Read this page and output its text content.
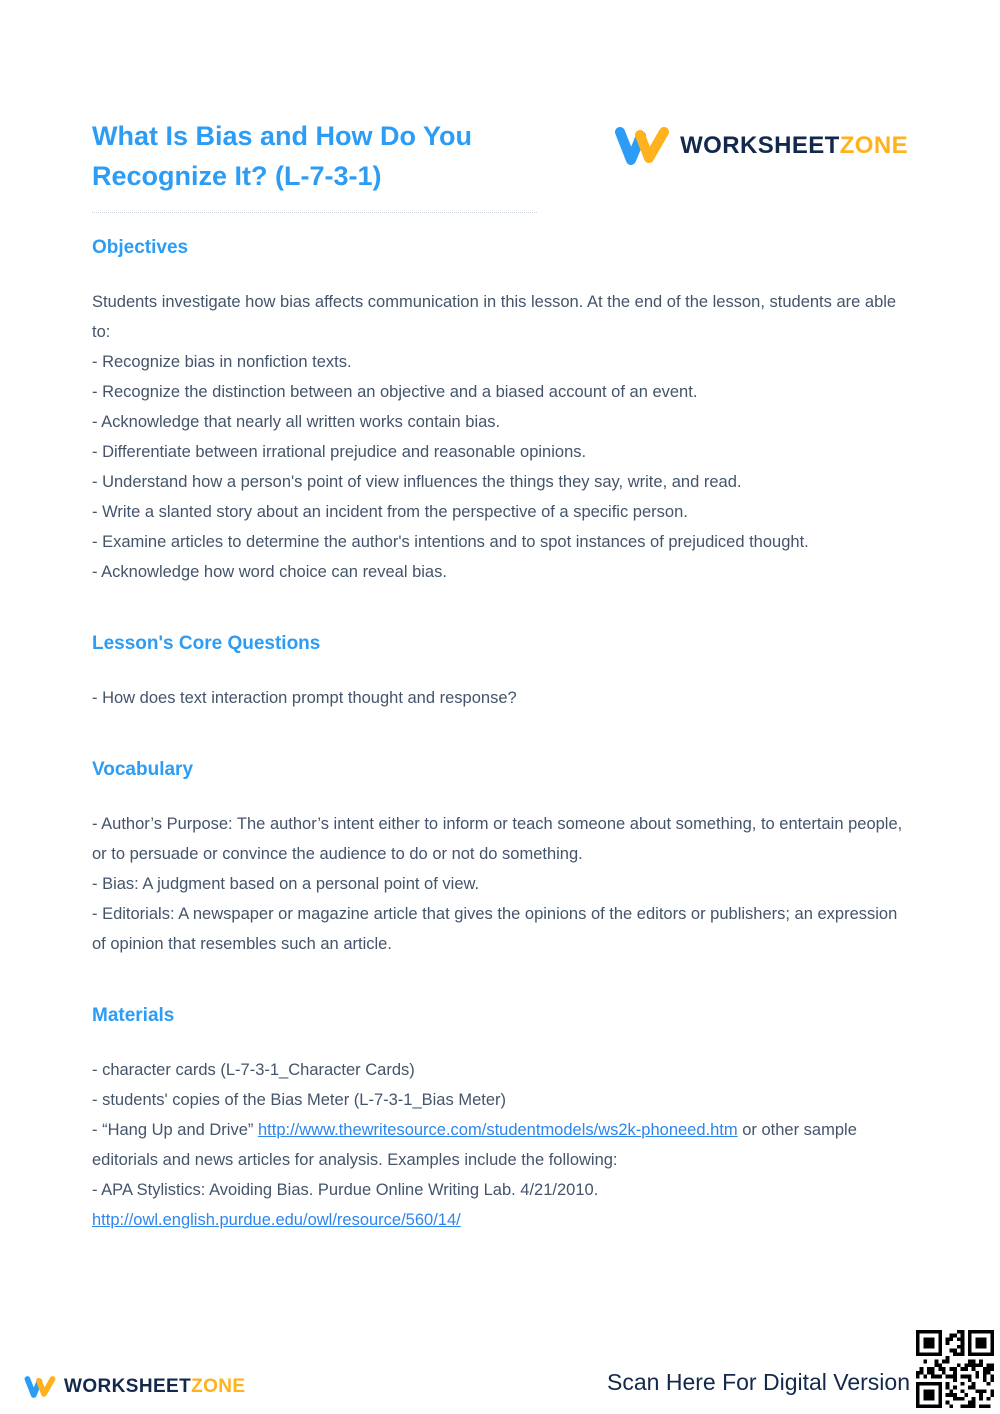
What Is Bias and How Do You
Recognize It? (L-7-3-1)
WORKSHEETZONE
Objectives

Students investigate how bias affects communication in this lesson. At the end of the lesson, students are able to:

- Recognize bias in nonfiction texts.
- Recognize the distinction between an objective and a biased account of an event.
- Acknowledge that nearly all written works contain bias.
- Differentiate between irrational prejudice and reasonable opinions.
- Understand how a person's point of view influences the things they say, write, and read.
- Write a slanted story about an incident from the perspective of a specific person.
- Examine articles to determine the author's intentions and to spot instances of prejudiced thought.
- Acknowledge how word choice can reveal bias.
Lesson's Core Questions
- How does text interaction prompt thought and response?
Vocabulary
- Author’s Purpose: The author’s intent either to inform or teach someone about something, to entertain people, or to persuade or convince the audience to do or not do something.
- Bias: A judgment based on a personal point of view.
- Editorials: A newspaper or magazine article that gives the opinions of the editors or publishers; an expression of opinion that resembles such an article.
Materials
- character cards (L-7-3-1_Character Cards)
- students' copies of the Bias Meter (L-7-3-1_Bias Meter)
- “Hang Up and Drive” http://www.thewritesource.com/studentmodels/ws2k-phoneed.htm or other sample editorials and news articles for analysis. Examples include the following:
- APA Stylistics: Avoiding Bias. Purdue Online Writing Lab. 4/21/2010.
http://owl.english.purdue.edu/owl/resource/560/14/
WORKSHEETZONE	Scan Here For Digital Version
